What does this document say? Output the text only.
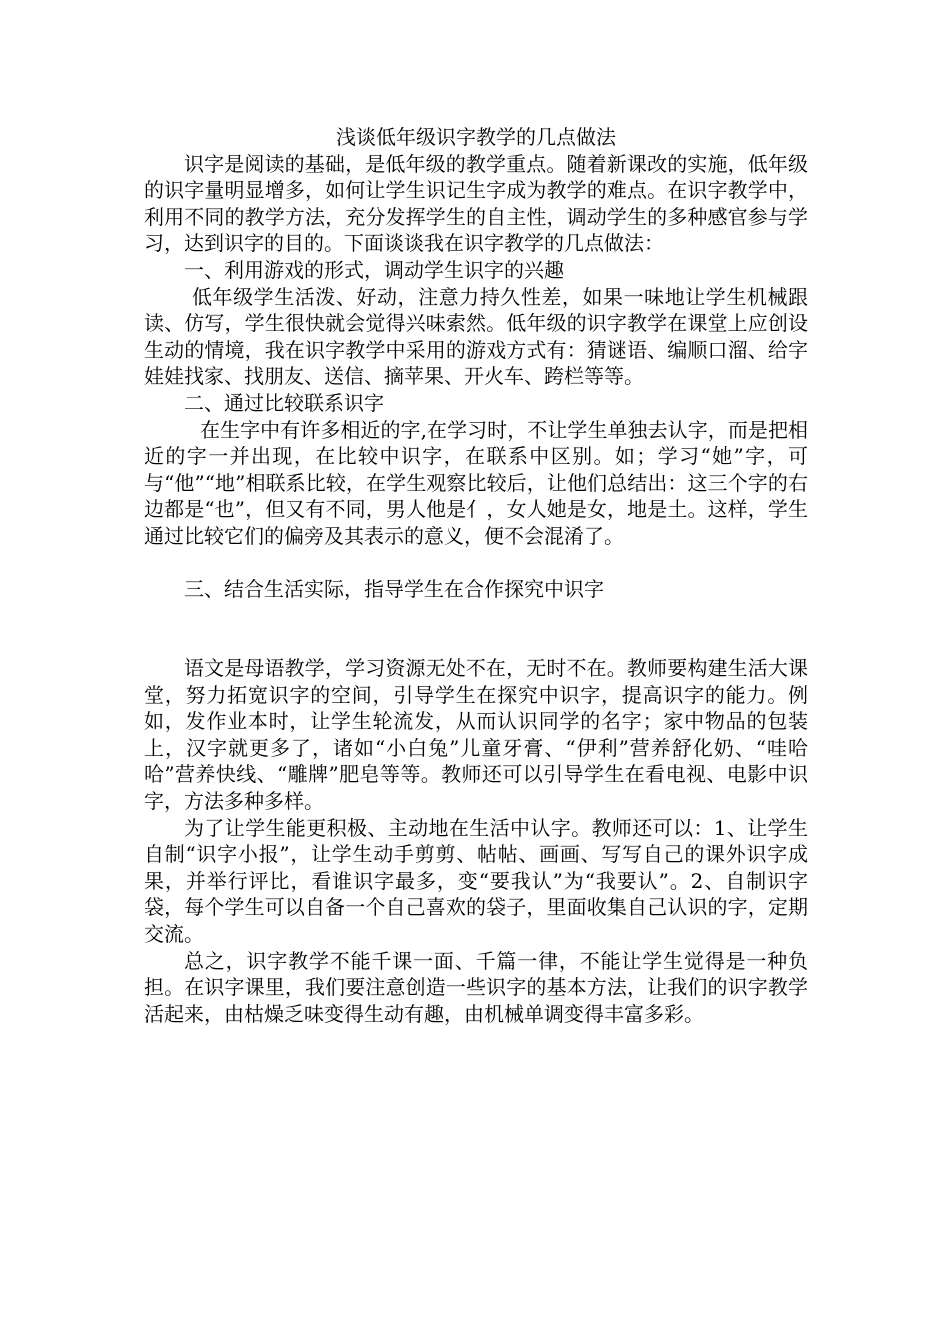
浅谈低年级识字教学的几点做法

识字是阅读的基础，是低年级的教学重点。随着新课改的实施，低年级的识字量明显增多，如何让学生识记生字成为教学的难点。在识字教学中，利用不同的教学方法，充分发挥学生的自主性，调动学生的多种感官参与学习，达到识字的目的。下面谈谈我在识字教学的几点做法：

一、利用游戏的形式，调动学生识字的兴趣

低年级学生活泼、好动，注意力持久性差，如果一味地让学生机械跟读、仿写，学生很快就会觉得兴味索然。低年级的识字教学在课堂上应创设生动的情境，我在识字教学中采用的游戏方式有：猜谜语、编顺口溜、给字娃娃找家、找朋友、送信、摘苹果、开火车、跨栏等等。

二、通过比较联系识字

在生字中有许多相近的字,在学习时，不让学生单独去认字，而是把相近的字一并出现，在比较中识字，在联系中区别。如；学习“她”字，可与“他”“地”相联系比较，在学生观察比较后，让他们总结出：这三个字的右边都是“也”，但又有不同，男人他是亻，女人她是女，地是土。这样，学生通过比较它们的偏旁及其表示的意义，便不会混淆了。

三、结合生活实际，指导学生在合作探究中识字

语文是母语教学，学习资源无处不在，无时不在。教师要构建生活大课堂，努力拓宽识字的空间，引导学生在探究中识字，提高识字的能力。例如，发作业本时，让学生轮流发，从而认识同学的名字；家中物品的包装上，汉字就更多了，诸如“小白兔”儿童牙膏、“伊利”营养舒化奶、“哇哈哈”营养快线、“雕牌”肥皂等等。教师还可以引导学生在看电视、电影中识字，方法多种多样。

为了让学生能更积极、主动地在生活中认字。教师还可以：1、让学生自制“识字小报”，让学生动手剪剪、帖帖、画画、写写自己的课外识字成果，并举行评比，看谁识字最多，变“要我认”为“我要认”。2、自制识字袋，每个学生可以自备一个自己喜欢的袋子，里面收集自己认识的字，定期交流。

总之，识字教学不能千课一面、千篇一律，不能让学生觉得是一种负担。在识字课里，我们要注意创造一些识字的基本方法，让我们的识字教学活起来，由枯燥乏味变得生动有趣，由机械单调变得丰富多彩。
